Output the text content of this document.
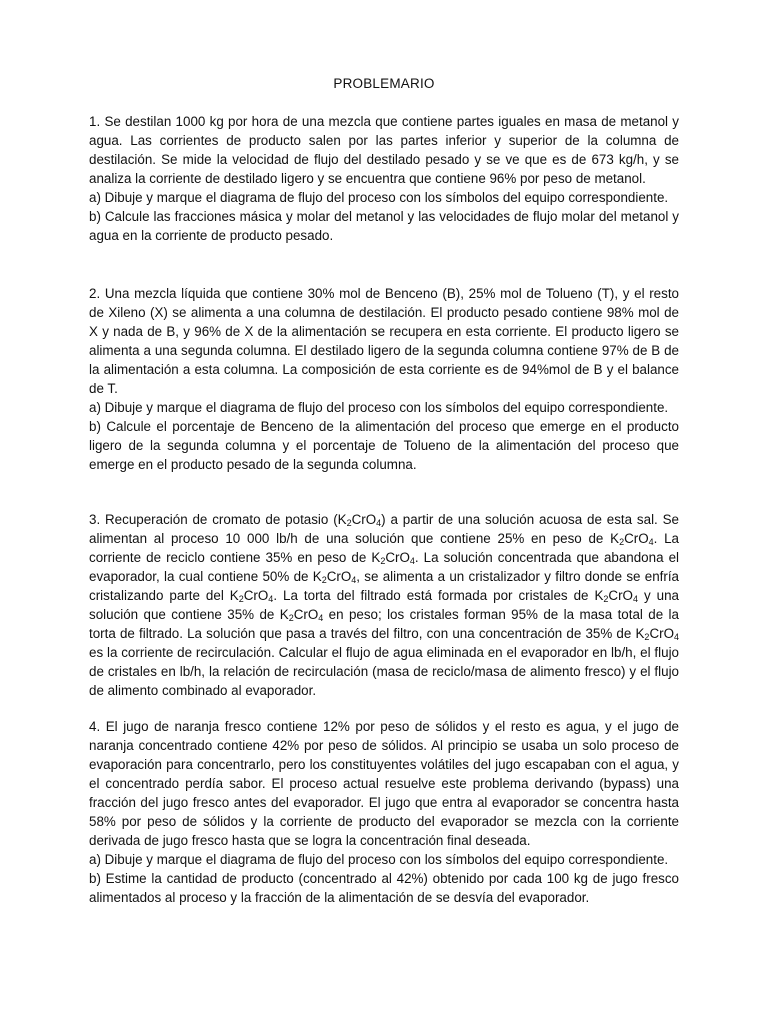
PROBLEMARIO

1. Se destilan 1000 kg por hora de una mezcla que contiene partes iguales en masa de metanol y agua. Las corrientes de producto salen por las partes inferior y superior de la columna de destilación. Se mide la velocidad de flujo del destilado pesado y se ve que es de 673 kg/h, y se analiza la corriente de destilado ligero y se encuentra que contiene 96% por peso de metanol.

a) Dibuje y marque el diagrama de flujo del proceso con los símbolos del equipo correspondiente.

b) Calcule las fracciones másica y molar del metanol y las velocidades de flujo molar del metanol y agua en la corriente de producto pesado.

2. Una mezcla líquida que contiene 30% mol de Benceno (B), 25% mol de Tolueno (T), y el resto de Xileno (X) se alimenta a una columna de destilación. El producto pesado contiene 98% mol de X y nada de B, y 96% de X de la alimentación se recupera en esta corriente. El producto ligero se alimenta a una segunda columna. El destilado ligero de la segunda columna contiene 97% de B de la alimentación a esta columna. La composición de esta corriente es de 94%mol de B y el balance de T.

a) Dibuje y marque el diagrama de flujo del proceso con los símbolos del equipo correspondiente.

b) Calcule el porcentaje de Benceno de la alimentación del proceso que emerge en el producto ligero de la segunda columna y el porcentaje de Tolueno de la alimentación del proceso que emerge en el producto pesado de la segunda columna.

3. Recuperación de cromato de potasio $(K_2CrO_4)$ a partir de una solución acuosa de esta sal. Se alimentan al proceso 10 000 lb/h de una solución que contiene 25% en peso de $K_2CrO_4$. La corriente de reciclo contiene 35% en peso de $K_2CrO_4$. La solución concentrada que abandona el evaporador, la cual contiene 50% de $K_2CrO_4$, se alimenta a un cristalizador y filtro donde se enfría cristalizando parte del $K_2CrO_4$. La torta del filtrado está formada por cristales de $K_2CrO_4$ y una solución que contiene 35% de $K_2CrO_4$ en peso; los cristales forman 95% de la masa total de la torta de filtrado. La solución que pasa a través del filtro, con una concentración de 35% de $K_2CrO_4$ es la corriente de recirculación. Calcular el flujo de agua eliminada en el evaporador en lb/h, el flujo de cristales en lb/h, la relación de recirculación (masa de reciclo/masa de alimento fresco) y el flujo de alimento combinado al evaporador.

4. El jugo de naranja fresco contiene 12% por peso de sólidos y el resto es agua, y el jugo de naranja concentrado contiene 42% por peso de sólidos. Al principio se usaba un solo proceso de evaporación para concentrarlo, pero los constituyentes volátiles del jugo escapaban con el agua, y el concentrado perdía sabor. El proceso actual resuelve este problema derivando (bypass) una fracción del jugo fresco antes del evaporador. El jugo que entra al evaporador se concentra hasta 58% por peso de sólidos y la corriente de producto del evaporador se mezcla con la corriente derivada de jugo fresco hasta que se logra la concentración final deseada.

a) Dibuje y marque el diagrama de flujo del proceso con los símbolos del equipo correspondiente.

b) Estime la cantidad de producto (concentrado al 42%) obtenido por cada 100 kg de jugo fresco alimentados al proceso y la fracción de la alimentación de se desvía del evaporador.
